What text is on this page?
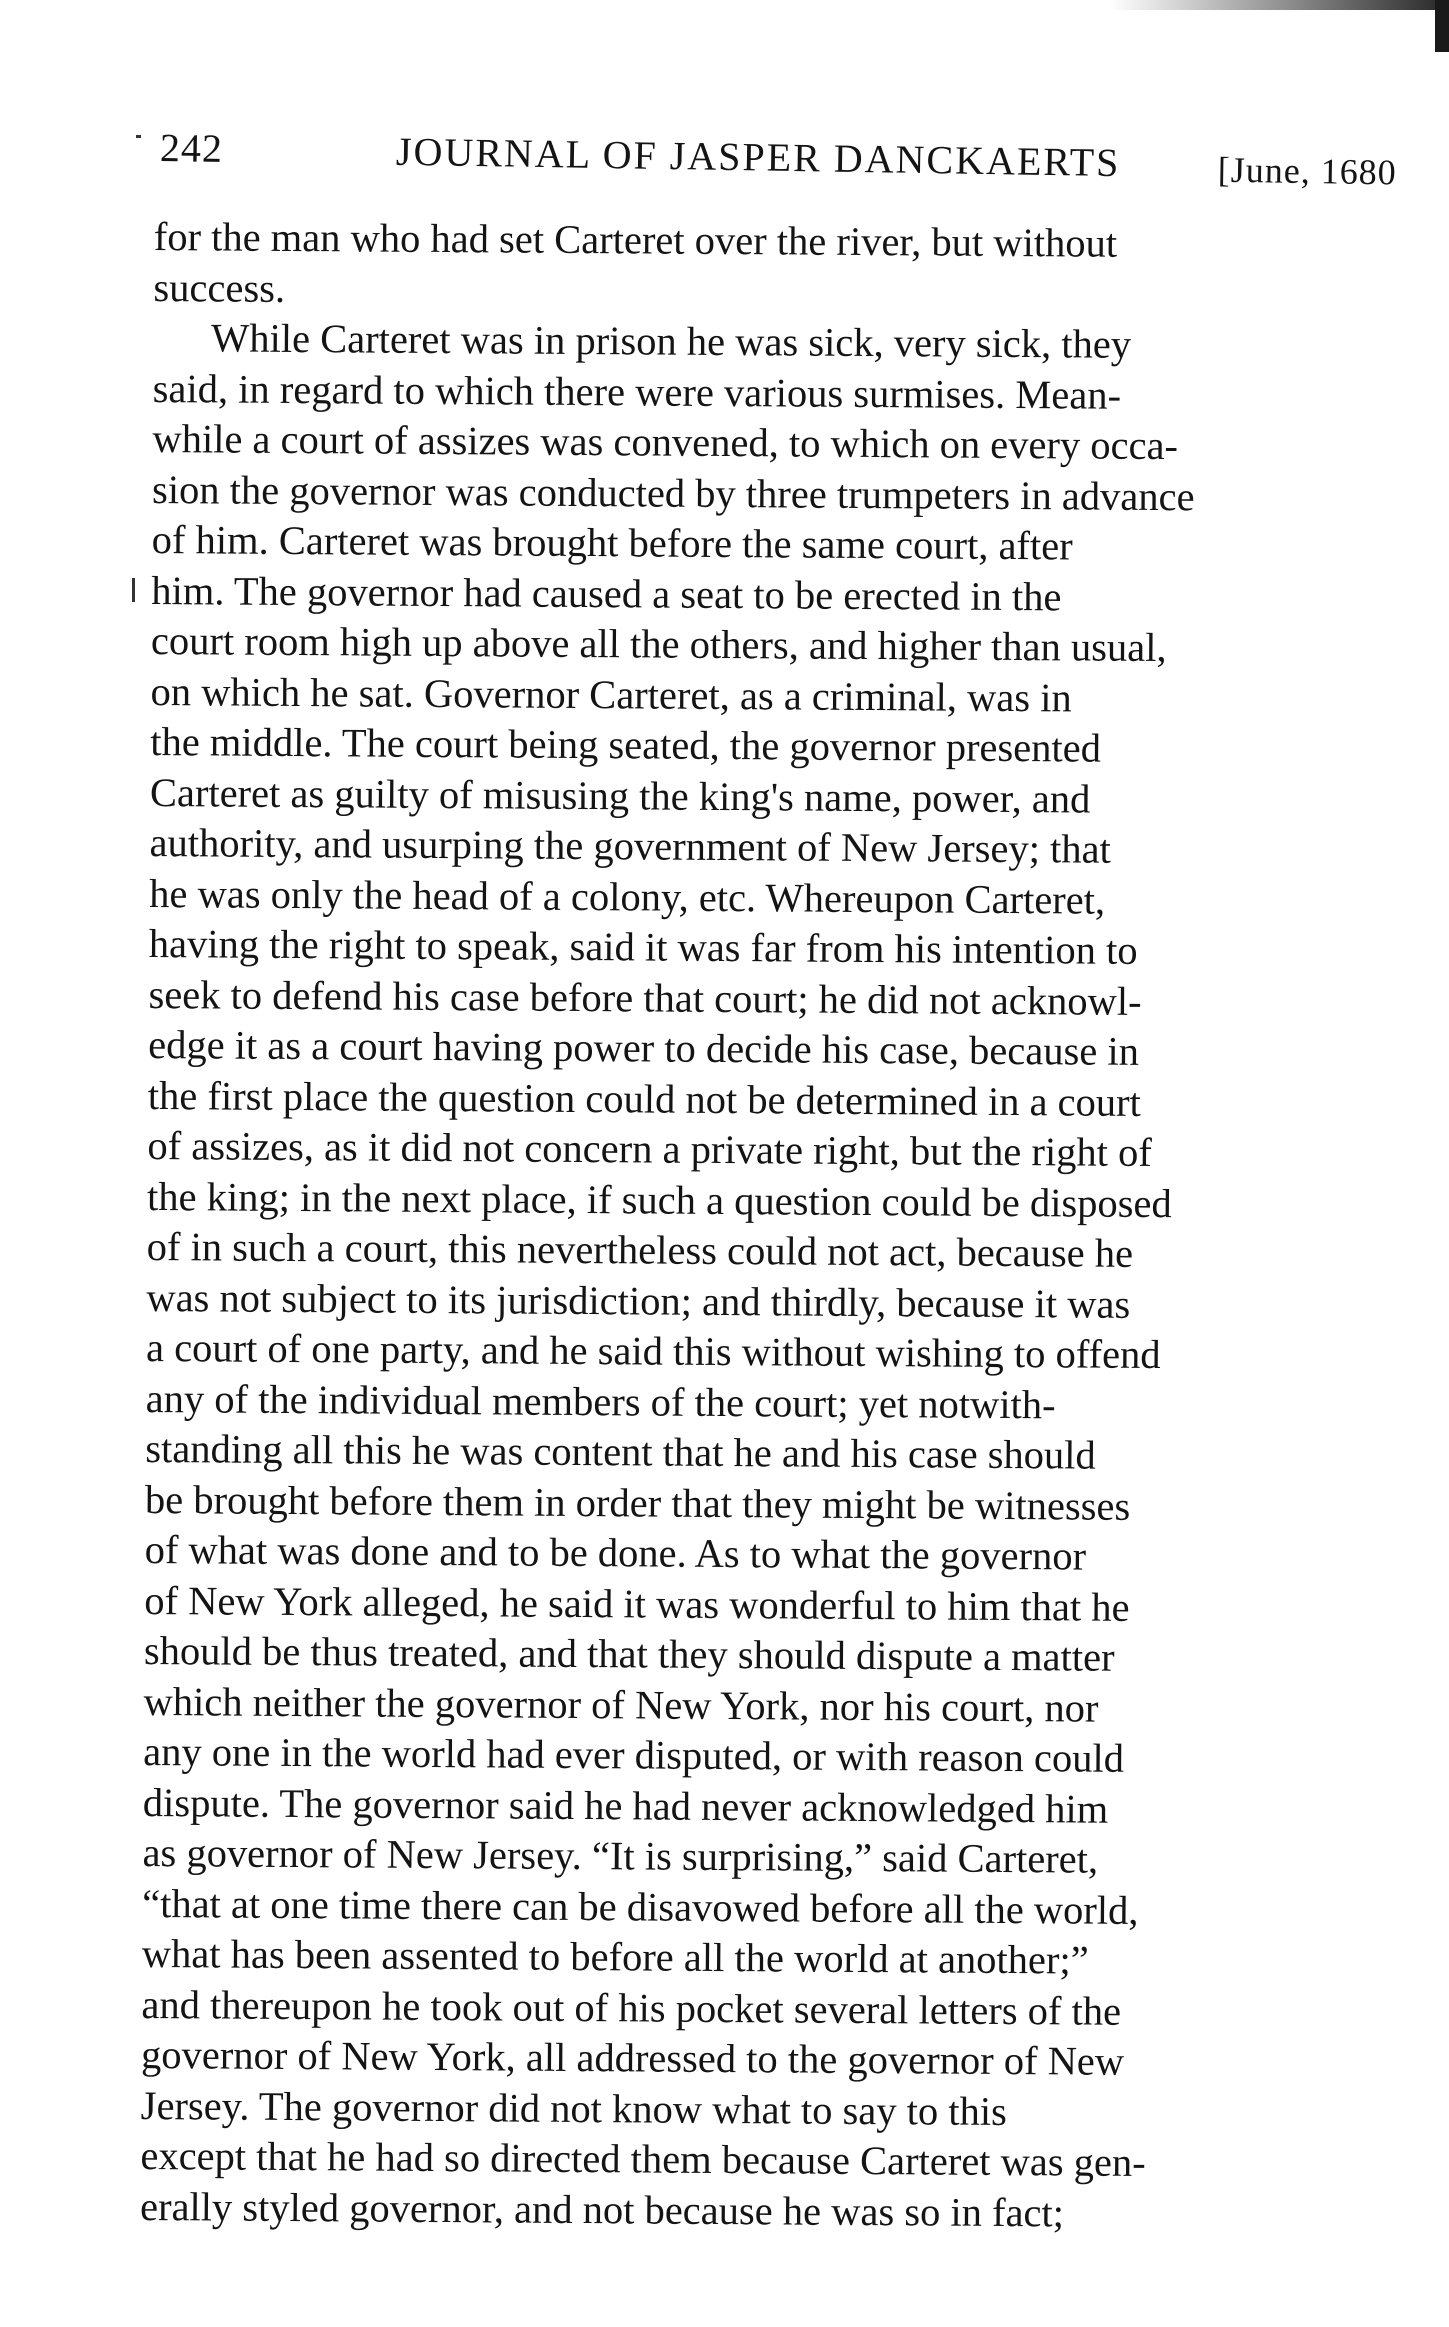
242	JOURNAL OF JASPER DANCKAERTS	[June, 1680
for the man who had set Carteret over the river, but without
success.
While Carteret was in prison he was sick, very sick, they
said, in regard to which there were various surmises. Mean-
while a court of assizes was convened, to which on every occa-
sion the governor was conducted by three trumpeters in advance
of him. Carteret was brought before the same court, after
him. The governor had caused a seat to be erected in the
court room high up above all the others, and higher than usual,
on which he sat. Governor Carteret, as a criminal, was in
the middle. The court being seated, the governor presented
Carteret as guilty of misusing the king's name, power, and
authority, and usurping the government of New Jersey; that
he was only the head of a colony, etc. Whereupon Carteret,
having the right to speak, said it was far from his intention to
seek to defend his case before that court; he did not acknowl-
edge it as a court having power to decide his case, because in
the first place the question could not be determined in a court
of assizes, as it did not concern a private right, but the right of
the king; in the next place, if such a question could be disposed
of in such a court, this nevertheless could not act, because he
was not subject to its jurisdiction; and thirdly, because it was
a court of one party, and he said this without wishing to offend
any of the individual members of the court; yet notwith-
standing all this he was content that he and his case should
be brought before them in order that they might be witnesses
of what was done and to be done. As to what the governor
of New York alleged, he said it was wonderful to him that he
should be thus treated, and that they should dispute a matter
which neither the governor of New York, nor his court, nor
any one in the world had ever disputed, or with reason could
dispute. The governor said he had never acknowledged him
as governor of New Jersey. “It is surprising,” said Carteret,
“that at one time there can be disavowed before all the world,
what has been assented to before all the world at another;”
and thereupon he took out of his pocket several letters of the
governor of New York, all addressed to the governor of New
Jersey. The governor did not know what to say to this
except that he had so directed them because Carteret was gen-
erally styled governor, and not because he was so in fact;
